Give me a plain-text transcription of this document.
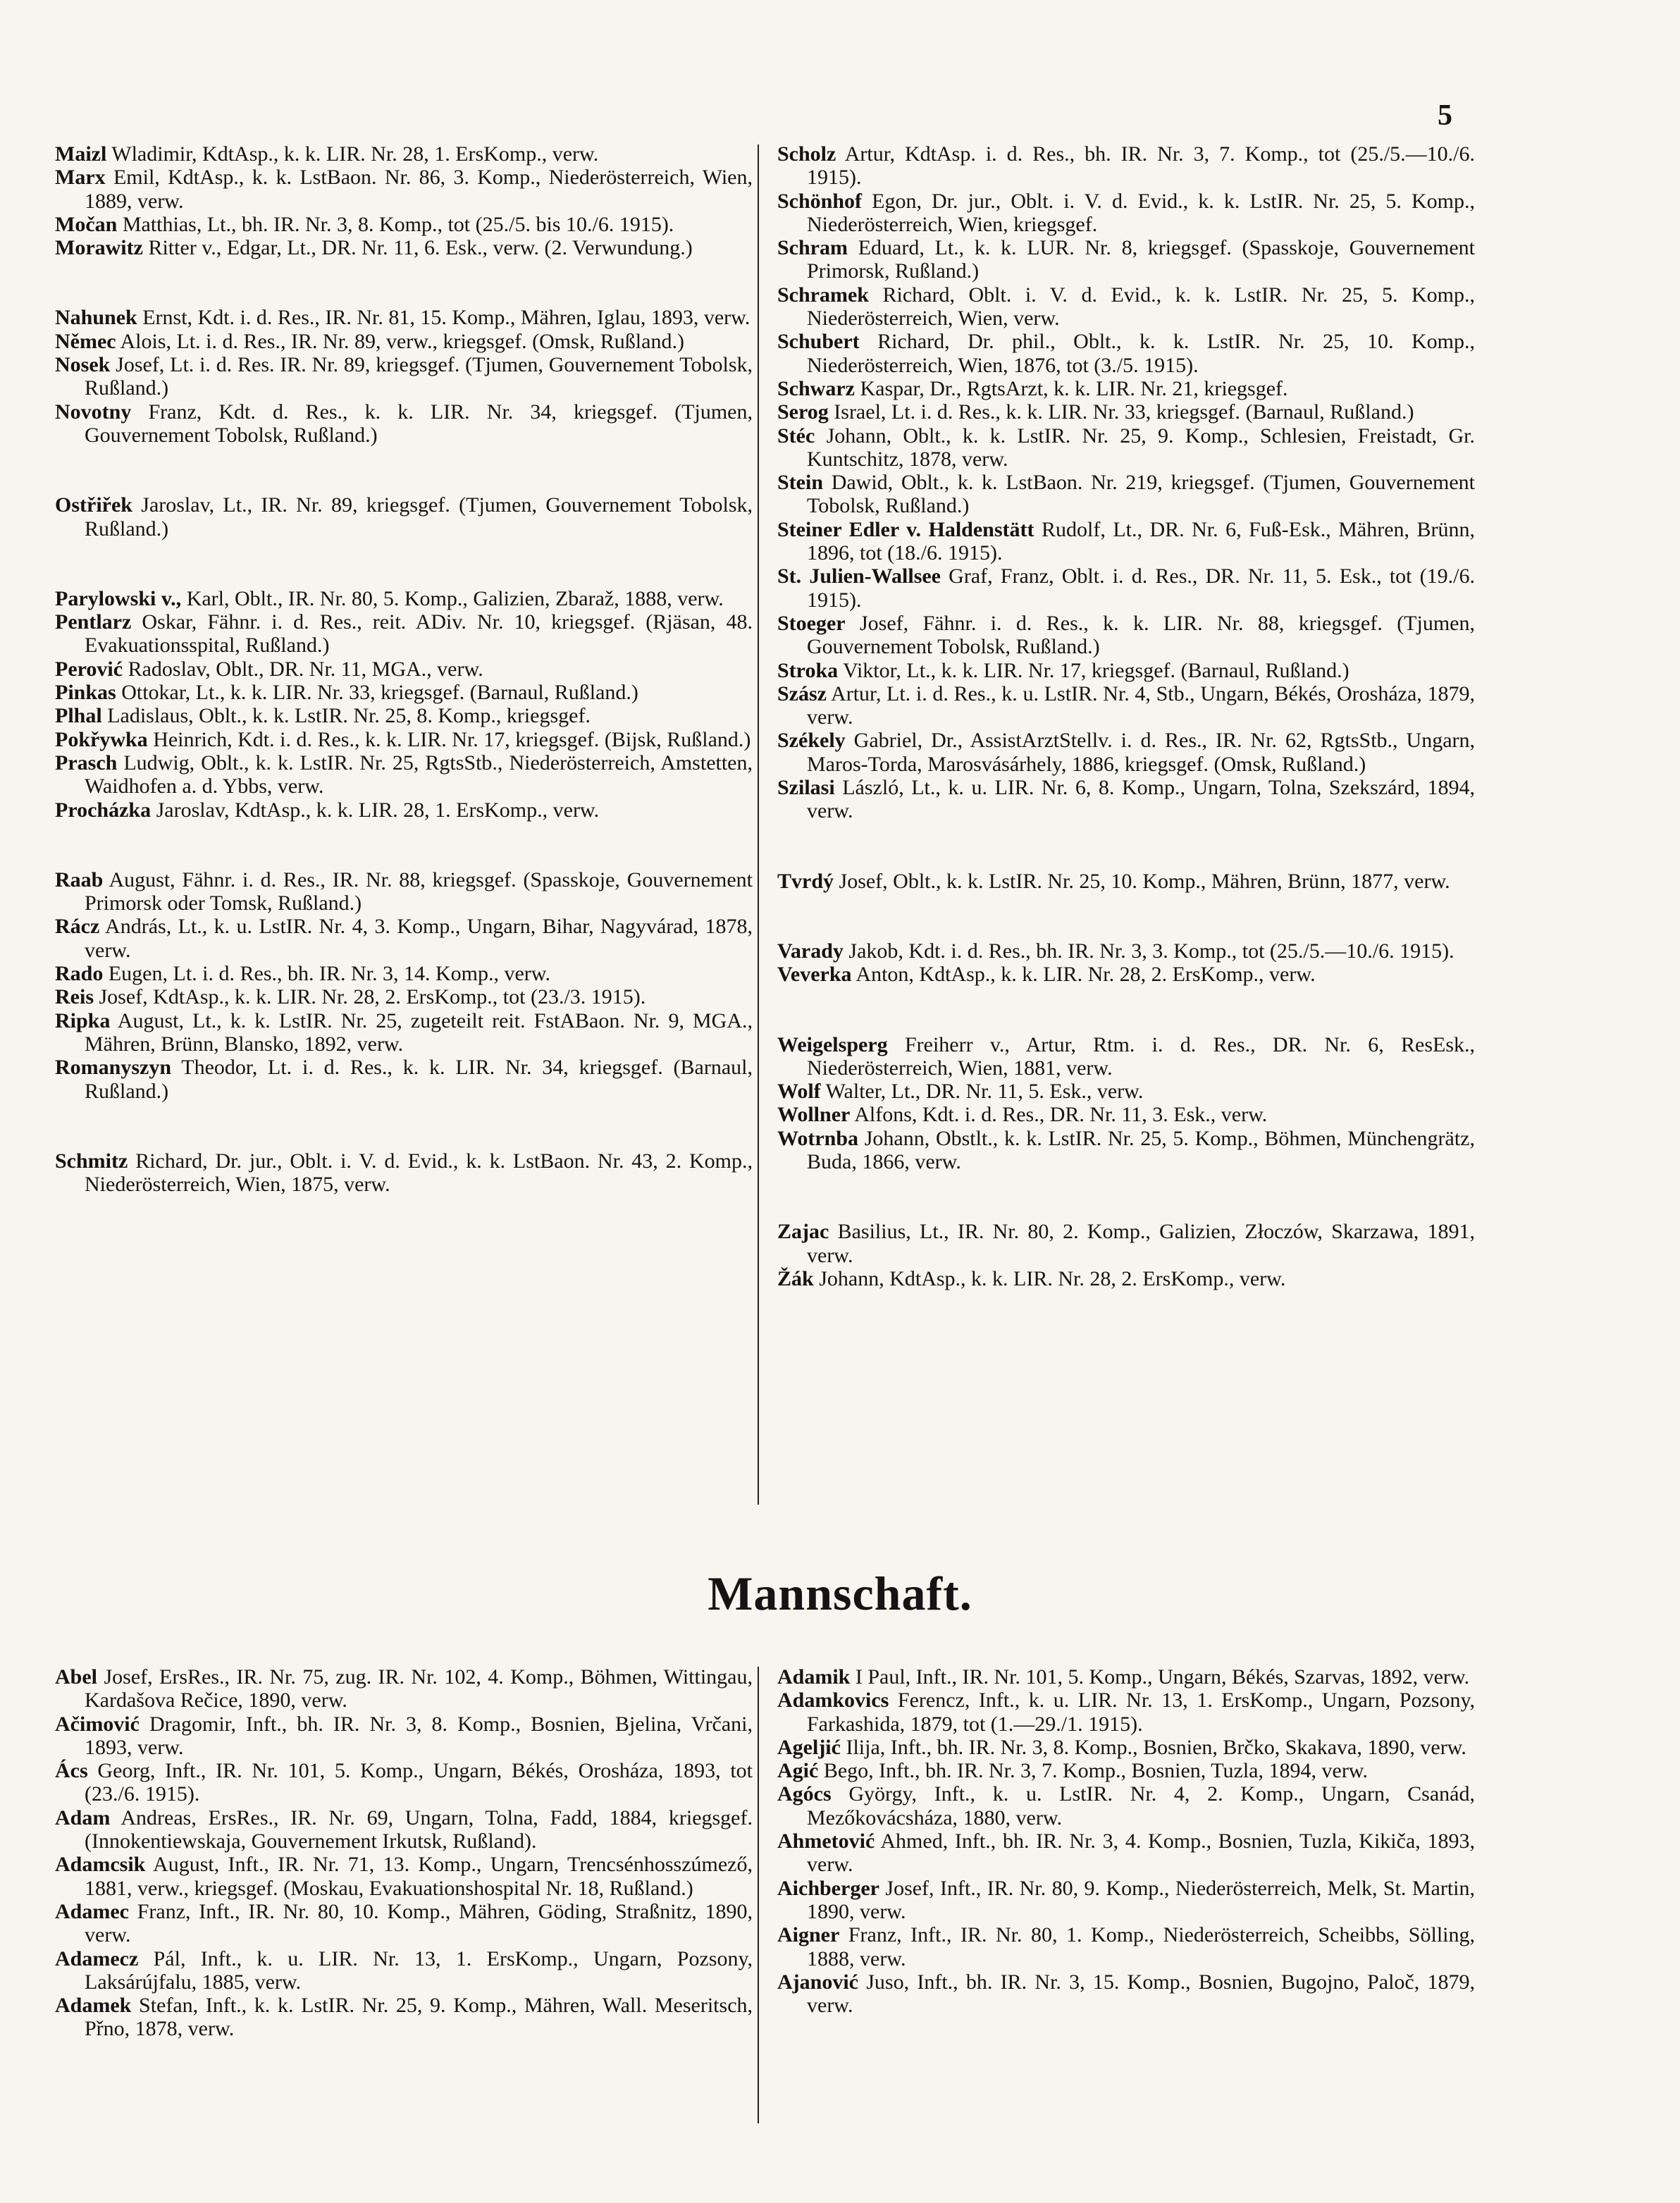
5
Maizl Wladimir, KdtAsp., k. k. LIR. Nr. 28, 1. ErsKomp., verw.
Marx Emil, KdtAsp., k. k. LstBaon. Nr. 86, 3. Komp., Niederösterreich, Wien, 1889, verw.
Močan Matthias, Lt., bh. IR. Nr. 3, 8. Komp., tot (25./5. bis 10./6. 1915).
Morawitz Ritter v., Edgar, Lt., DR. Nr. 11, 6. Esk., verw. (2. Verwundung.)
Nahunek Ernst, Kdt. i. d. Res., IR. Nr. 81, 15. Komp., Mähren, Iglau, 1893, verw.
Němec Alois, Lt. i. d. Res., IR. Nr. 89, verw., kriegsgef. (Omsk, Rußland.)
Nosek Josef, Lt. i. d. Res. IR. Nr. 89, kriegsgef. (Tjumen, Gouvernement Tobolsk, Rußland.)
Novotny Franz, Kdt. d. Res., k. k. LIR. Nr. 34, kriegsgef. (Tjumen, Gouvernement Tobolsk, Rußland.)
Ostřiřek Jaroslav, Lt., IR. Nr. 89, kriegsgef. (Tjumen, Gouvernement Tobolsk, Rußland.)
Parylowski v., Karl, Oblt., IR. Nr. 80, 5. Komp., Galizien, Zbaraž, 1888, verw.
Pentlarz Oskar, Fähnr. i. d. Res., reit. ADiv. Nr. 10, kriegsgef. (Rjäsan, 48. Evakuationsspital, Rußland.)
Perović Radoslav, Oblt., DR. Nr. 11, MGA., verw.
Pinkas Ottokar, Lt., k. k. LIR. Nr. 33, kriegsgef. (Barnaul, Rußland.)
Plhal Ladislaus, Oblt., k. k. LstIR. Nr. 25, 8. Komp., kriegsgef.
Pokřywka Heinrich, Kdt. i. d. Res., k. k. LIR. Nr. 17, kriegsgef. (Bijsk, Rußland.)
Prasch Ludwig, Oblt., k. k. LstIR. Nr. 25, RgtsStb., Niederösterreich, Amstetten, Waidhofen a. d. Ybbs, verw.
Procházka Jaroslav, KdtAsp., k. k. LIR. 28, 1. ErsKomp., verw.
Raab August, Fähnr. i. d. Res., IR. Nr. 88, kriegsgef. (Spasskoje, Gouvernement Primorsk oder Tomsk, Rußland.)
Rácz András, Lt., k. u. LstIR. Nr. 4, 3. Komp., Ungarn, Bihar, Nagyvárad, 1878, verw.
Rado Eugen, Lt. i. d. Res., bh. IR. Nr. 3, 14. Komp., verw.
Reis Josef, KdtAsp., k. k. LIR. Nr. 28, 2. ErsKomp., tot (23./3. 1915).
Ripka August, Lt., k. k. LstIR. Nr. 25, zugeteilt reit. FstABaon. Nr. 9, MGA., Mähren, Brünn, Blansko, 1892, verw.
Romanyszyn Theodor, Lt. i. d. Res., k. k. LIR. Nr. 34, kriegsgef. (Barnaul, Rußland.)
Schmitz Richard, Dr. jur., Oblt. i. V. d. Evid., k. k. LstBaon. Nr. 43, 2. Komp., Niederösterreich, Wien, 1875, verw.
Scholz Artur, KdtAsp. i. d. Res., bh. IR. Nr. 3, 7. Komp., tot (25./5.—10./6. 1915).
Schönhof Egon, Dr. jur., Oblt. i. V. d. Evid., k. k. LstIR. Nr. 25, 5. Komp., Niederösterreich, Wien, kriegsgef.
Schram Eduard, Lt., k. k. LUR. Nr. 8, kriegsgef. (Spasskoje, Gouvernement Primorsk, Rußland.)
Schramek Richard, Oblt. i. V. d. Evid., k. k. LstIR. Nr. 25, 5. Komp., Niederösterreich, Wien, verw.
Schubert Richard, Dr. phil., Oblt., k. k. LstIR. Nr. 25, 10. Komp., Niederösterreich, Wien, 1876, tot (3./5. 1915).
Schwarz Kaspar, Dr., RgtsArzt, k. k. LIR. Nr. 21, kriegsgef.
Serog Israel, Lt. i. d. Res., k. k. LIR. Nr. 33, kriegsgef. (Barnaul, Rußland.)
Stéc Johann, Oblt., k. k. LstIR. Nr. 25, 9. Komp., Schlesien, Freistadt, Gr. Kuntschitz, 1878, verw.
Stein Dawid, Oblt., k. k. LstBaon. Nr. 219, kriegsgef. (Tjumen, Gouvernement Tobolsk, Rußland.)
Steiner Edler v. Haldenstätt Rudolf, Lt., DR. Nr. 6, Fuß-Esk., Mähren, Brünn, 1896, tot (18./6. 1915).
St. Julien-Wallsee Graf, Franz, Oblt. i. d. Res., DR. Nr. 11, 5. Esk., tot (19./6. 1915).
Stoeger Josef, Fähnr. i. d. Res., k. k. LIR. Nr. 88, kriegsgef. (Tjumen, Gouvernement Tobolsk, Rußland.)
Stroka Viktor, Lt., k. k. LIR. Nr. 17, kriegsgef. (Barnaul, Rußland.)
Szász Artur, Lt. i. d. Res., k. u. LstIR. Nr. 4, Stb., Ungarn, Békés, Orosháza, 1879, verw.
Székely Gabriel, Dr., AssistArztStellv. i. d. Res., IR. Nr. 62, RgtsStb., Ungarn, Maros-Torda, Marosvásárhely, 1886, kriegsgef. (Omsk, Rußland.)
Szilasi László, Lt., k. u. LIR. Nr. 6, 8. Komp., Ungarn, Tolna, Szekszárd, 1894, verw.
Tvrdý Josef, Oblt., k. k. LstIR. Nr. 25, 10. Komp., Mähren, Brünn, 1877, verw.
Varady Jakob, Kdt. i. d. Res., bh. IR. Nr. 3, 3. Komp., tot (25./5.—10./6. 1915).
Veverka Anton, KdtAsp., k. k. LIR. Nr. 28, 2. ErsKomp., verw.
Weigelsperg Freiherr v., Artur, Rtm. i. d. Res., DR. Nr. 6, ResEsk., Niederösterreich, Wien, 1881, verw.
Wolf Walter, Lt., DR. Nr. 11, 5. Esk., verw.
Wollner Alfons, Kdt. i. d. Res., DR. Nr. 11, 3. Esk., verw.
Wotrnba Johann, Obstlt., k. k. LstIR. Nr. 25, 5. Komp., Böhmen, Münchengrätz, Buda, 1866, verw.
Zajac Basilius, Lt., IR. Nr. 80, 2. Komp., Galizien, Złoczów, Skarzawa, 1891, verw.
Žák Johann, KdtAsp., k. k. LIR. Nr. 28, 2. ErsKomp., verw.
Mannschaft.
Abel Josef, ErsRes., IR. Nr. 75, zug. IR. Nr. 102, 4. Komp., Böhmen, Wittingau, Kardašova Rečice, 1890, verw.
Ačimović Dragomir, Inft., bh. IR. Nr. 3, 8. Komp., Bosnien, Bjelina, Vrčani, 1893, verw.
Ács Georg, Inft., IR. Nr. 101, 5. Komp., Ungarn, Békés, Orosháza, 1893, tot (23./6. 1915).
Adam Andreas, ErsRes., IR. Nr. 69, Ungarn, Tolna, Fadd, 1884, kriegsgef. (Innokentiewskaja, Gouvernement Irkutsk, Rußland).
Adamcsik August, Inft., IR. Nr. 71, 13. Komp., Ungarn, Trencsénhosszúmező, 1881, verw., kriegsgef. (Moskau, Evakuationshospital Nr. 18, Rußland.)
Adamec Franz, Inft., IR. Nr. 80, 10. Komp., Mähren, Göding, Straßnitz, 1890, verw.
Adamecz Pál, Inft., k. u. LIR. Nr. 13, 1. ErsKomp., Ungarn, Pozsony, Laksárújfalu, 1885, verw.
Adamek Stefan, Inft., k. k. LstIR. Nr. 25, 9. Komp., Mähren, Wall. Meseritsch, Přno, 1878, verw.
Adamik I Paul, Inft., IR. Nr. 101, 5. Komp., Ungarn, Békés, Szarvas, 1892, verw.
Adamkovics Ferencz, Inft., k. u. LIR. Nr. 13, 1. ErsKomp., Ungarn, Pozsony, Farkashida, 1879, tot (1.—29./1. 1915).
Ageljić Ilija, Inft., bh. IR. Nr. 3, 8. Komp., Bosnien, Brčko, Skakava, 1890, verw.
Agić Bego, Inft., bh. IR. Nr. 3, 7. Komp., Bosnien, Tuzla, 1894, verw.
Agócs György, Inft., k. u. LstIR. Nr. 4, 2. Komp., Ungarn, Csanád, Mezőkovácsháza, 1880, verw.
Ahmetović Ahmed, Inft., bh. IR. Nr. 3, 4. Komp., Bosnien, Tuzla, Kikiča, 1893, verw.
Aichberger Josef, Inft., IR. Nr. 80, 9. Komp., Niederösterreich, Melk, St. Martin, 1890, verw.
Aigner Franz, Inft., IR. Nr. 80, 1. Komp., Niederösterreich, Scheibbs, Sölling, 1888, verw.
Ajanović Juso, Inft., bh. IR. Nr. 3, 15. Komp., Bosnien, Bugojno, Paloč, 1879, verw.
